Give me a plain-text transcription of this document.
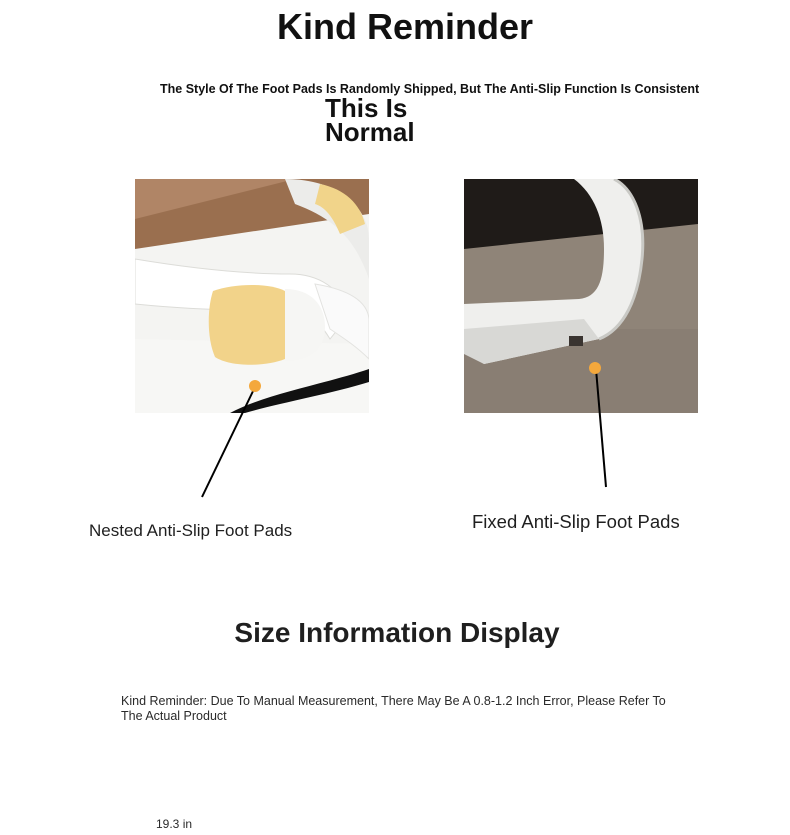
Kind Reminder
The Style Of The Foot Pads Is Randomly Shipped, But The Anti-Slip Function Is Consistent
This Is Normal
Nested Anti-Slip Foot Pads	Fixed Anti-Slip Foot Pads
Size Information Display
Kind Reminder: Due To Manual Measurement, There May Be A 0.8-1.2 Inch Error, Please Refer To The Actual Product
19.3 in
